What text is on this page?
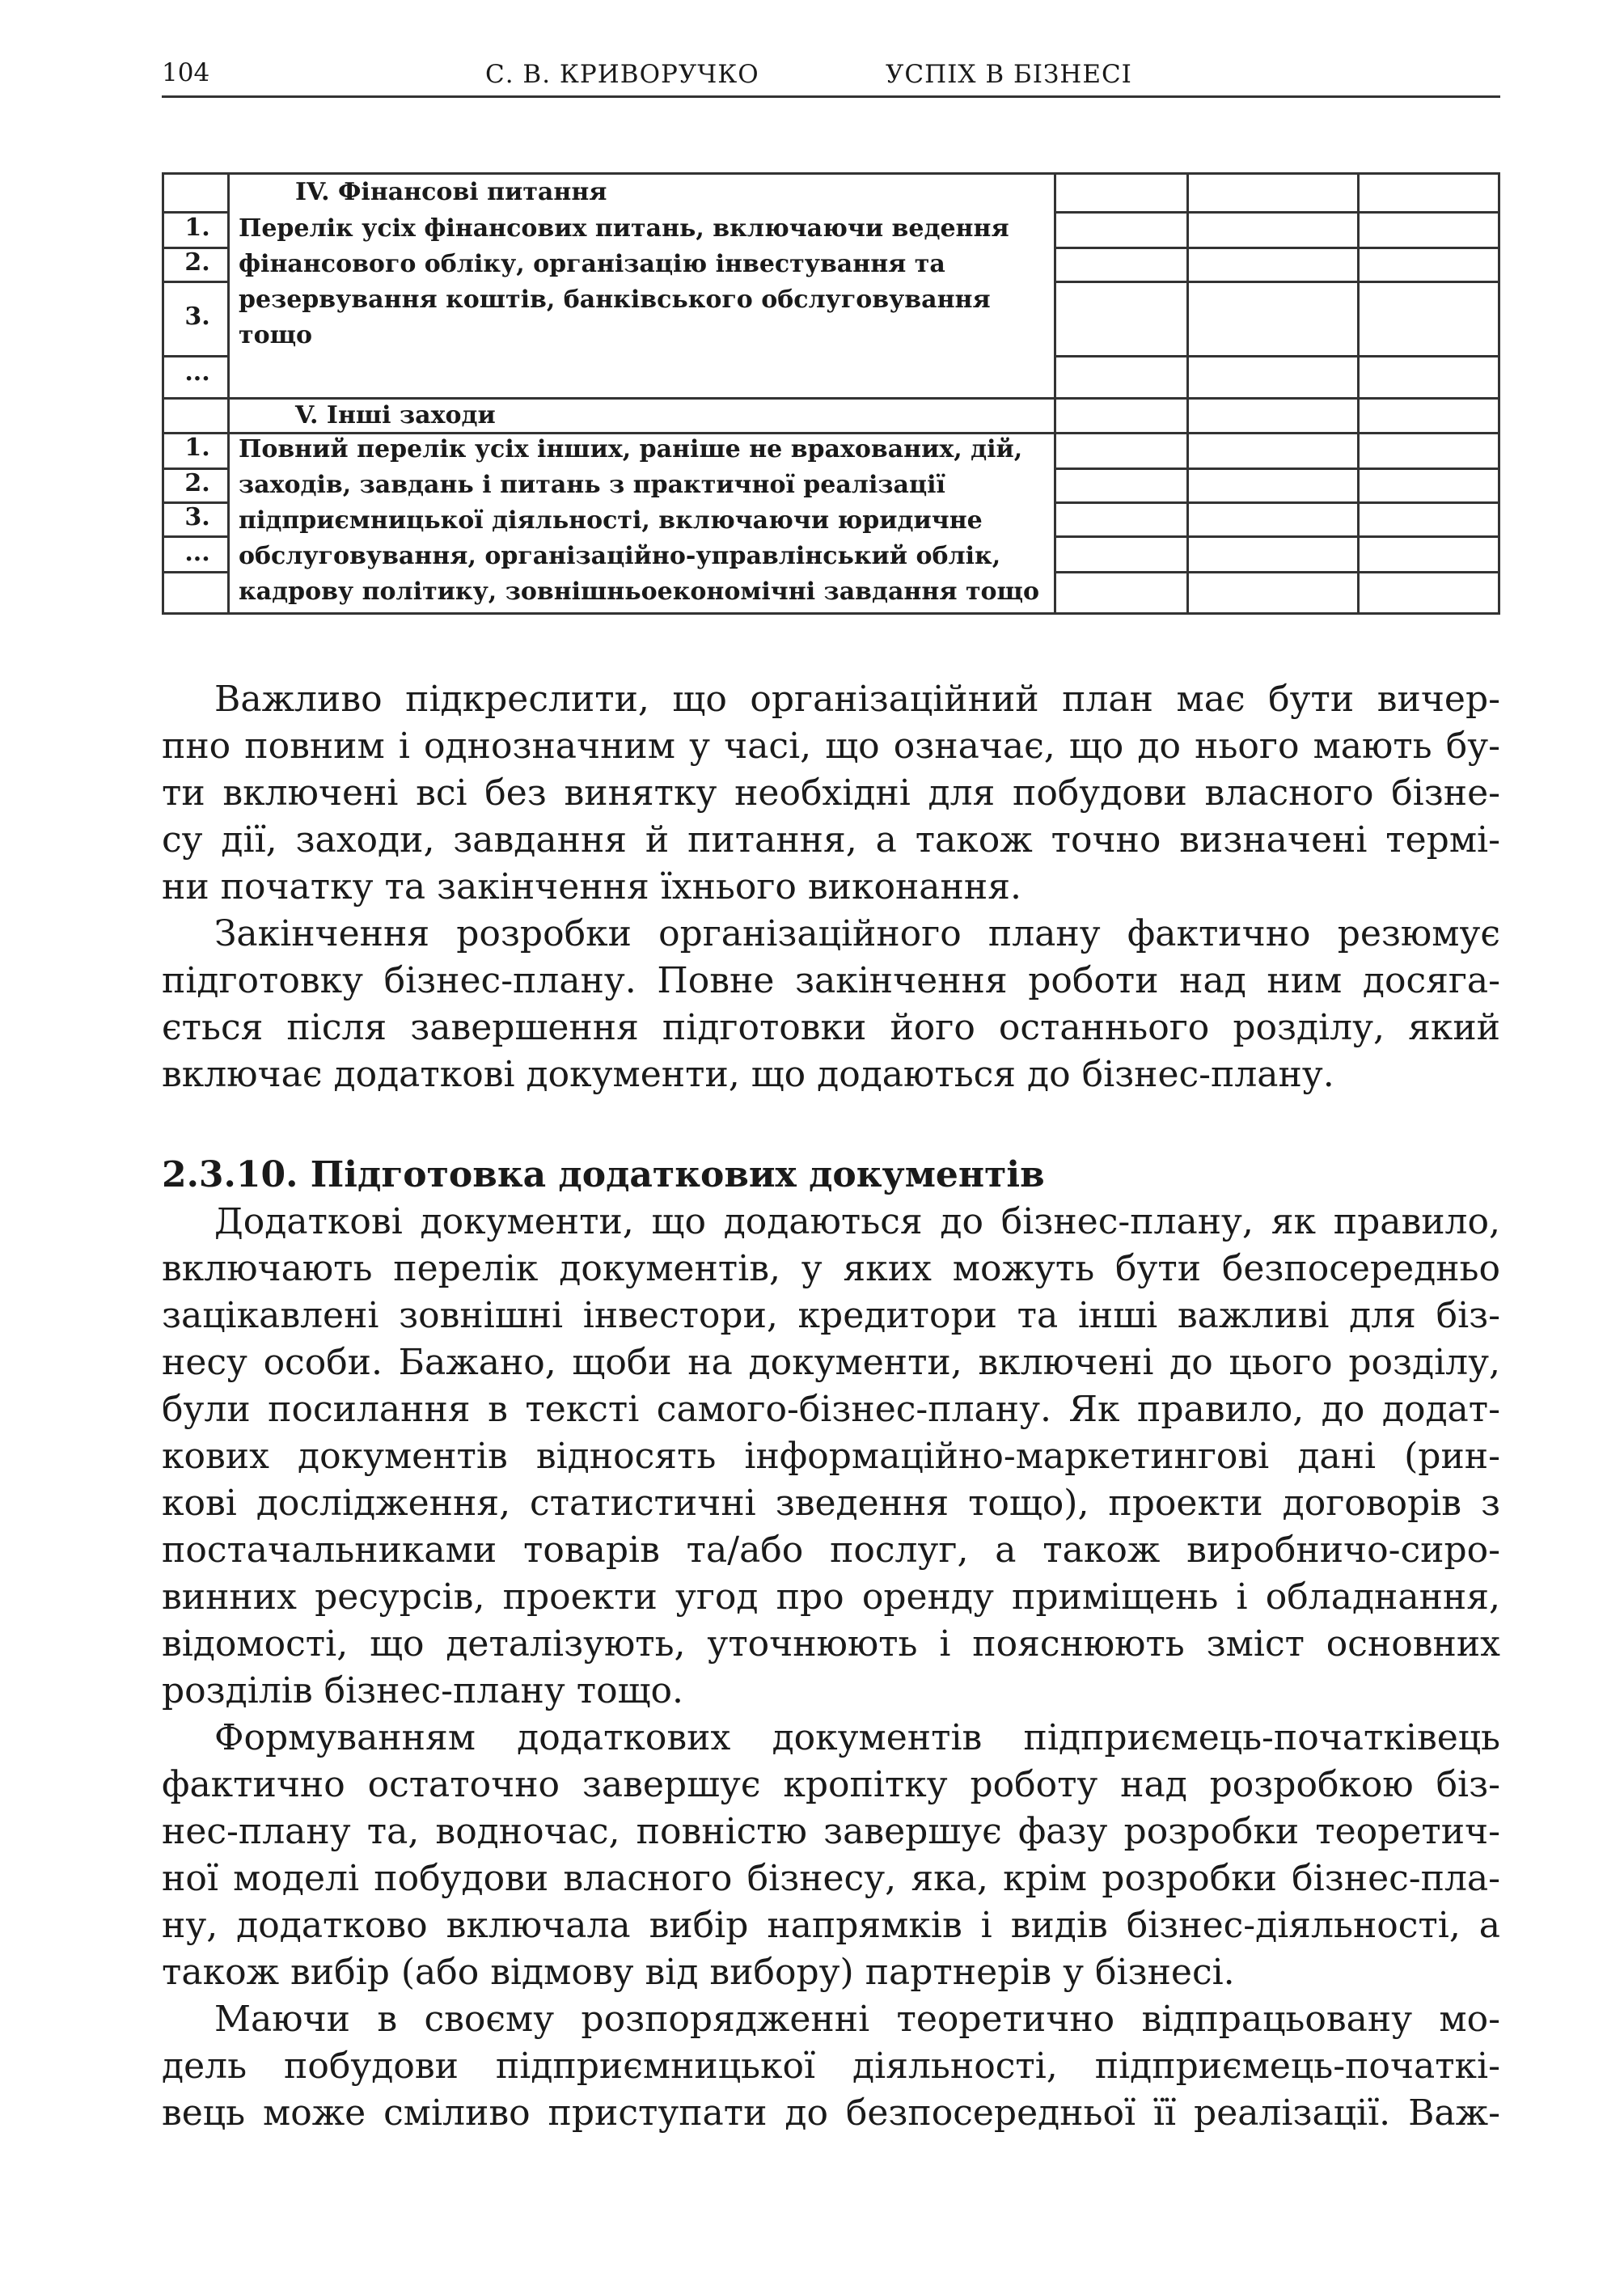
104	С. В. КРИВОРУЧКО	УСПІХ В БІЗНЕСІ
IV. Фінансові питання
1.
2.
3.
...
Перелік усіх фінансових питань, включаючи ведення
фінансового обліку, організацію інвестування та
резервування коштів, банківського обслуговування
тощо
V. Інші заходи
1.
2.
3.
...
Повний перелік усіх інших, раніше не врахованих, дій,
заходів, завдань і питань з практичної реалізації
підприємницької діяльності, включаючи юридичне
обслуговування, організаційно-управлінський облік,
кадрову політику, зовнішньоекономічні завдання тощо
Важливо підкреслити, що організаційний план має бути вичер-
пно повним і однозначним у часі, що означає, що до нього мають бу-
ти включені всі без винятку необхідні для побудови власного бізне-
су дії, заходи, завдання й питання, а також точно визначені термі-
ни початку та закінчення їхнього виконання.
Закінчення розробки організаційного плану фактично резюмує
підготовку бізнес-плану. Повне закінчення роботи над ним досяга-
ється після завершення підготовки його останнього розділу, який
включає додаткові документи, що додаються до бізнес-плану.
2.3.10. Підготовка додаткових документів
Додаткові документи, що додаються до бізнес-плану, як правило,
включають перелік документів, у яких можуть бути безпосередньо
зацікавлені зовнішні інвестори, кредитори та інші важливі для біз-
несу особи. Бажано, щоби на документи, включені до цього розділу,
були посилання в тексті самого-бізнес-плану. Як правило, до додат-
кових документів відносять інформаційно-маркетингові дані (рин-
кові дослідження, статистичні зведення тощо), проекти договорів з
постачальниками товарів та/або послуг, а також виробничо-сиро-
винних ресурсів, проекти угод про оренду приміщень і обладнання,
відомості, що деталізують, уточнюють і пояснюють зміст основних
розділів бізнес-плану тощо.
Формуванням додаткових документів підприємець-початківець
фактично остаточно завершує кропітку роботу над розробкою біз-
нес-плану та, водночас, повністю завершує фазу розробки теоретич-
ної моделі побудови власного бізнесу, яка, крім розробки бізнес-пла-
ну, додатково включала вибір напрямків і видів бізнес-діяльності, а
також вибір (або відмову від вибору) партнерів у бізнесі.
Маючи в своєму розпорядженні теоретично відпрацьовану мо-
дель побудови підприємницької діяльності, підприємець-початкі-
вець може сміливо приступати до безпосередньої її реалізації. Важ-
